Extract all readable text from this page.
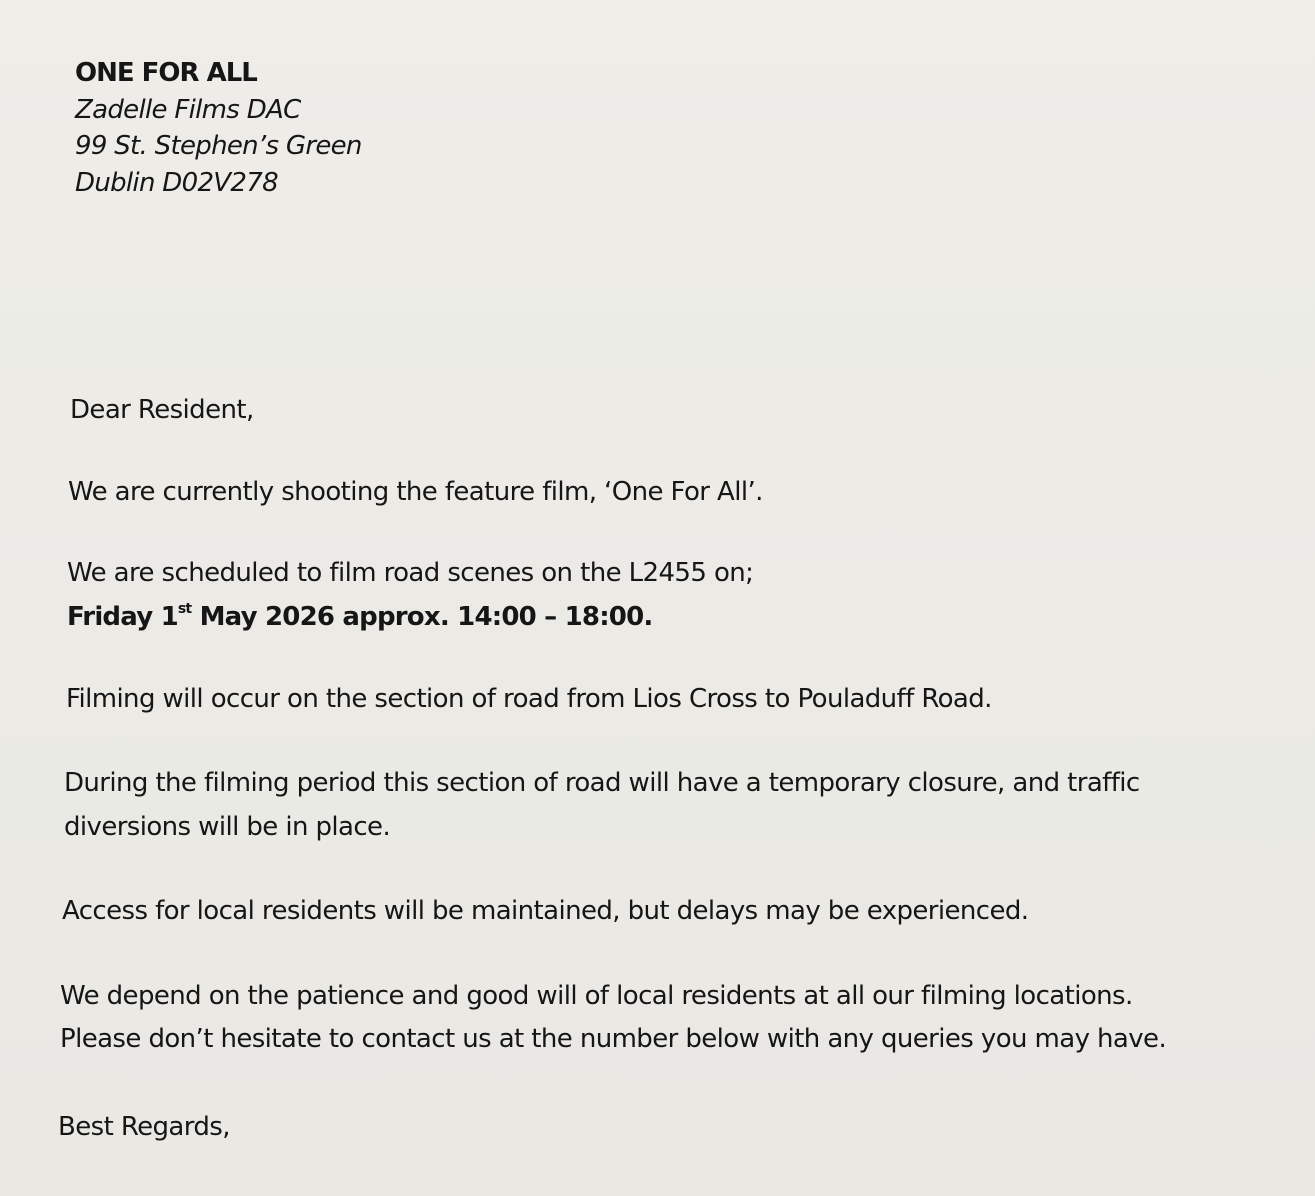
ONE FOR ALL
Zadelle Films DAC
99 St. Stephen’s Green
Dublin D02V278
Dear Resident,
We are currently shooting the feature film, ‘One For All’.
We are scheduled to film road scenes on the L2455 on;
Friday 1st May 2026 approx. 14:00 – 18:00.
Filming will occur on the section of road from Lios Cross to Pouladuff Road.
During the filming period this section of road will have a temporary closure, and traffic
diversions will be in place.
Access for local residents will be maintained, but delays may be experienced.
We depend on the patience and good will of local residents at all our filming locations.
Please don’t hesitate to contact us at the number below with any queries you may have.
Best Regards,
